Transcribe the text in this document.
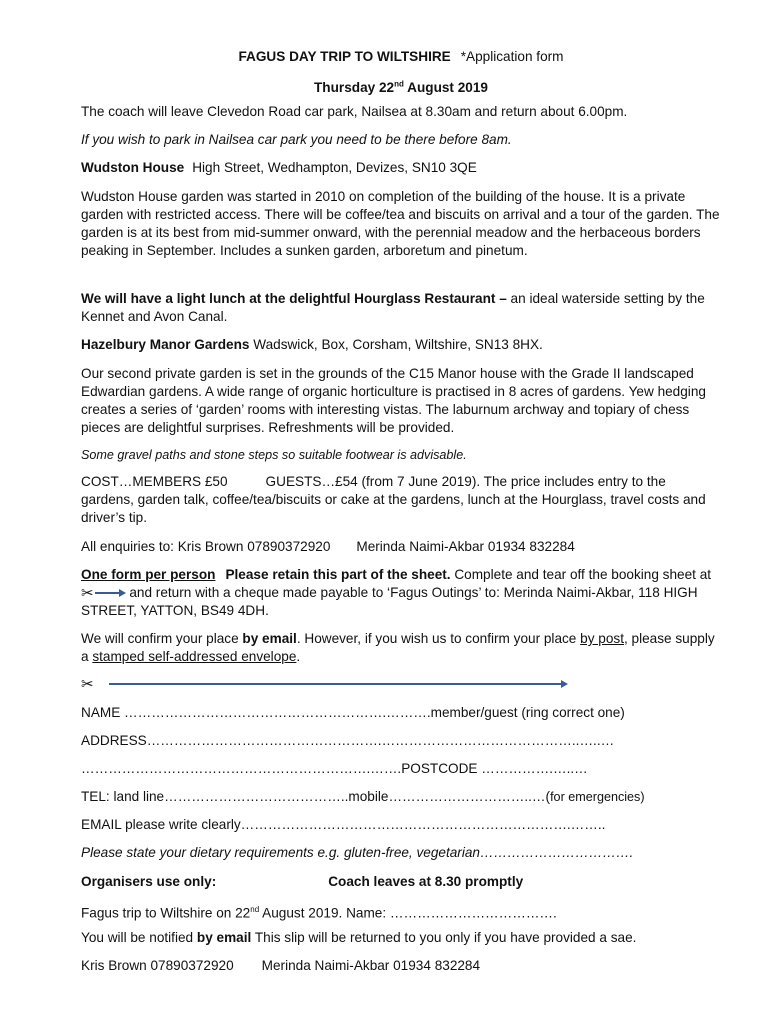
FAGUS DAY TRIP TO WILTSHIRE *Application form

Thursday 22nd August 2019

The coach will leave Clevedon Road car park, Nailsea at 8.30am and return about 6.00pm.

If you wish to park in Nailsea car park you need to be there before 8am.

Wudston House High Street, Wedhampton, Devizes, SN10 3QE

Wudston House garden was started in 2010 on completion of the building of the house. It is a private garden with restricted access. There will be coffee/tea and biscuits on arrival and a tour of the garden. The garden is at its best from mid-summer onward, with the perennial meadow and the herbaceous borders peaking in September. Includes a sunken garden, arboretum and pinetum.

We will have a light lunch at the delightful Hourglass Restaurant – an ideal waterside setting by the Kennet and Avon Canal.

Hazelbury Manor Gardens Wadswick, Box, Corsham, Wiltshire, SN13 8HX.

Our second private garden is set in the grounds of the C15 Manor house with the Grade II landscaped Edwardian gardens. A wide range of organic horticulture is practised in 8 acres of gardens. Yew hedging creates a series of ‘garden’ rooms with interesting vistas. The laburnum archway and topiary of chess pieces are delightful surprises. Refreshments will be provided.

Some gravel paths and stone steps so suitable footwear is advisable.

COST…MEMBERS £50	GUESTS…£54 (from 7 June 2019). The price includes entry to the gardens, garden talk, coffee/tea/biscuits or cake at the gardens, lunch at the Hourglass, travel costs and driver’s tip.

All enquiries to: Kris Brown 07890372920 Merinda Naimi-Akbar 01934 832284

One form per person Please retain this part of the sheet. Complete and tear off the booking sheet at ✂
and return with a cheque made payable to ‘Fagus Outings’ to: Merinda Naimi-Akbar, 118 HIGH STREET, YATTON, BS49 4DH.

We will confirm your place by email. However, if you wish us to confirm your place by post, please supply a stamped self-addressed envelope.

✂

NAME ………………………………………………….……….member/guest (ring correct one)

ADDRESS…………………………………………….……………………………………..…..…

……………………………………………………….…….POSTCODE …………….…..…

TEL: land line…………………………………..mobile…………………………..…(for emergencies)

EMAIL please write clearly……………………………………………………………….……..

Please state your dietary requirements e.g. gluten-free, vegetarian…………………………….

Organisers use only:	Coach leaves at 8.30 promptly

Fagus trip to Wiltshire on 22nd August 2019. Name: ……………………………….

You will be notified by email This slip will be returned to you only if you have provided a sae.

Kris Brown 07890372920 Merinda Naimi-Akbar 01934 832284
